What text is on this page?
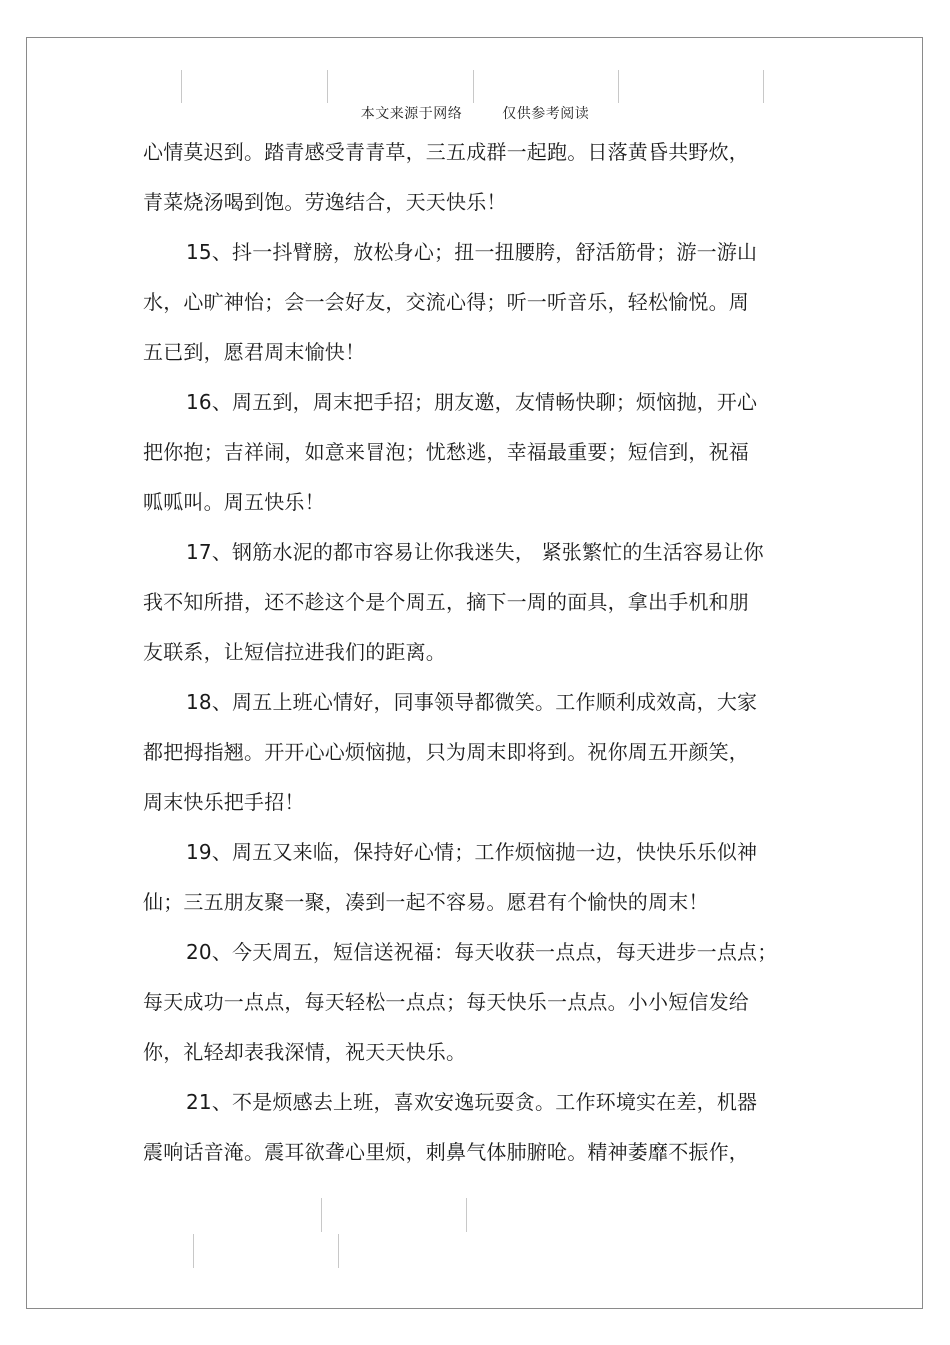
本文来源于网络	仅供参考阅读
心情莫迟到。踏青感受青青草，三五成群一起跑。日落黄昏共野炊，
青菜烧汤喝到饱。劳逸结合，天天快乐！
15、抖一抖臂膀，放松身心；扭一扭腰胯，舒活筋骨；游一游山
水，心旷神怡；会一会好友，交流心得；听一听音乐，轻松愉悦。周
五已到，愿君周末愉快！
16、周五到，周末把手招；朋友邀，友情畅快聊；烦恼抛，开心
把你抱；吉祥闹，如意来冒泡；忧愁逃，幸福最重要；短信到，祝福
呱呱叫。周五快乐！
17、钢筋水泥的都市容易让你我迷失， 紧张繁忙的生活容易让你
我不知所措，还不趁这个是个周五，摘下一周的面具，拿出手机和朋
友联系，让短信拉进我们的距离。
18、周五上班心情好，同事领导都微笑。工作顺利成效高，大家
都把拇指翘。开开心心烦恼抛，只为周末即将到。祝你周五开颜笑，
周末快乐把手招！
19、周五又来临，保持好心情；工作烦恼抛一边，快快乐乐似神
仙；三五朋友聚一聚，凑到一起不容易。愿君有个愉快的周末！
20、今天周五，短信送祝福：每天收获一点点，每天进步一点点；
每天成功一点点，每天轻松一点点；每天快乐一点点。小小短信发给
你，礼轻却表我深情，祝天天快乐。
21、不是烦感去上班，喜欢安逸玩耍贪。工作环境实在差，机器
震响话音淹。震耳欲聋心里烦，刺鼻气体肺腑呛。精神萎靡不振作，
